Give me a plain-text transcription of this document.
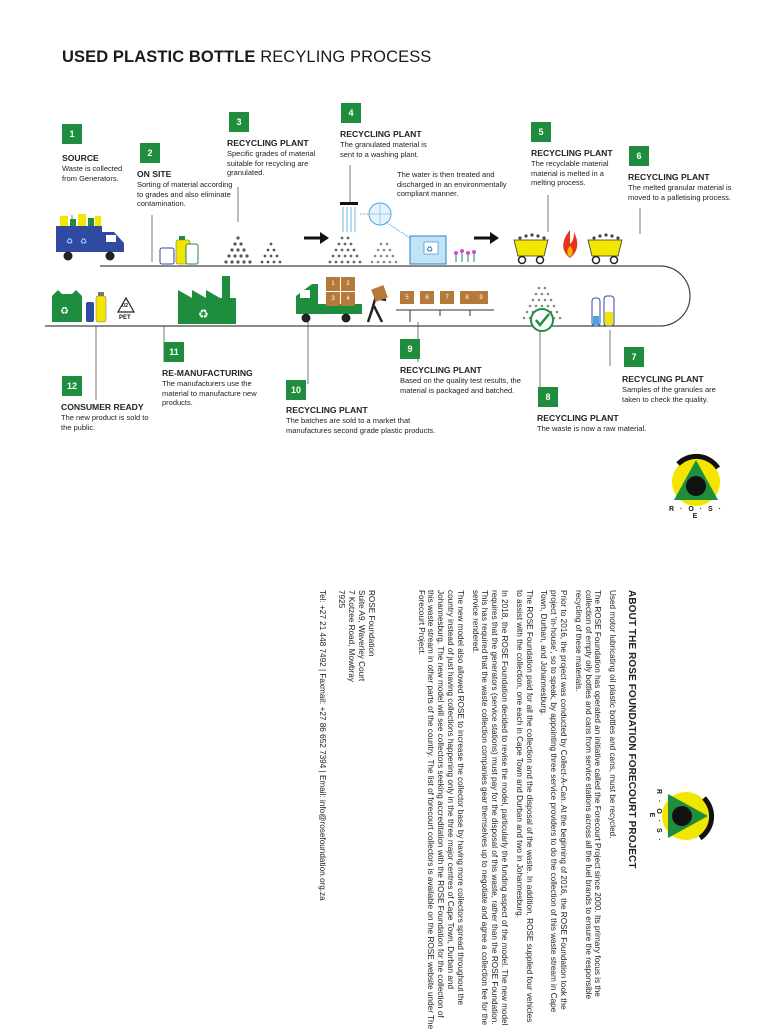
USED PLASTIC BOTTLE RECYLING PROCESS
♻ ♻
♻
♻
♻	02
PET
1 2
3 4	5	6	7	8 9
1
2
3
4
5
6
7
8
9
10
11
12
SOURCE
Waste is collected from Generators.	ON SITE
Sorting of material according to grades and also eliminate contamination.
RECYCLING PLANT
Specific grades of material suitable for recycling are granulated.
RECYCLING PLANT
The granulated material is sent to a washing plant.
The water is then treated and discharged in an environmentally compliant manner.
RECYCLING PLANT
The recyclable material material is melted in a melting process.
RECYCLING PLANT
The melted granular material is moved to a palletising process.
RECYCLING PLANT
Samples of the granules are taken to check the quality.
RECYCLING PLANT
The waste is now a raw material.
RECYCLING PLANT
Based on the quality test results, the material is packaged and batched.
RECYCLING PLANT
The batches are sold to a market that manufactures second grade plastic products.
RE-MANUFACTURING
The manufacturers use the material to manufacture new products.
CONSUMER READY
The new product is sold to the public.
R · O · S · E
R · O · S · E
ABOUT THE ROSE FOUNDATION FORECOURT PROJECT

Used motor lubricating oil plastic bottles and cans, must be recycled.

The ROSE Foundation has operated an initiative called the Forecourt Project since 2000. Its primary focus is the collection of empty oily bottles and cans from service stations across all the fuel brands to ensure the responsible recycling of these materials.

Prior to 2016, the project was conducted by Collect-A-Can. At the beginning of 2016, the ROSE Foundation took the project 'in-house', so to speak, by appointing three service providers to do the collection of this waste stream in Cape Town, Durban, and Johannesburg.

The ROSE Foundation paid for all the collection and the disposal of the waste. In addition, ROSE supplied four vehicles to assist with the collection, one each in Cape Town and Durban and two in Johannesburg.

In 2018, the ROSE Foundation decided to revise the model, particularly the funding aspect of the model. The new model requires that the generators (service stations) must pay for the disposal of this waste, rather than the ROSE Foundation. This has required that the waste collection companies gear themselves up to negotiate and agree a collection fee for the service rendered.

The new model also allowed ROSE to increase the collector base by having more collectors spread throughout the country instead of just having collections happening only in the three major centres of Cape Town, Durban and Johannesburg. The new model will see collectors seeking accreditation with the ROSE Foundation for the collection of this waste stream in other parts of the country. The list of forecourt collectors is available on the ROSE website under The Forecourt Project.

ROSE Foundation
Suite A9, Waverley Court
7 Kotzee Road, Mowbray
7925
Tel: +27 21 448 7492 | Faxmail: +27 86 652 7394 | Email: info@rosefoundation.org.za
